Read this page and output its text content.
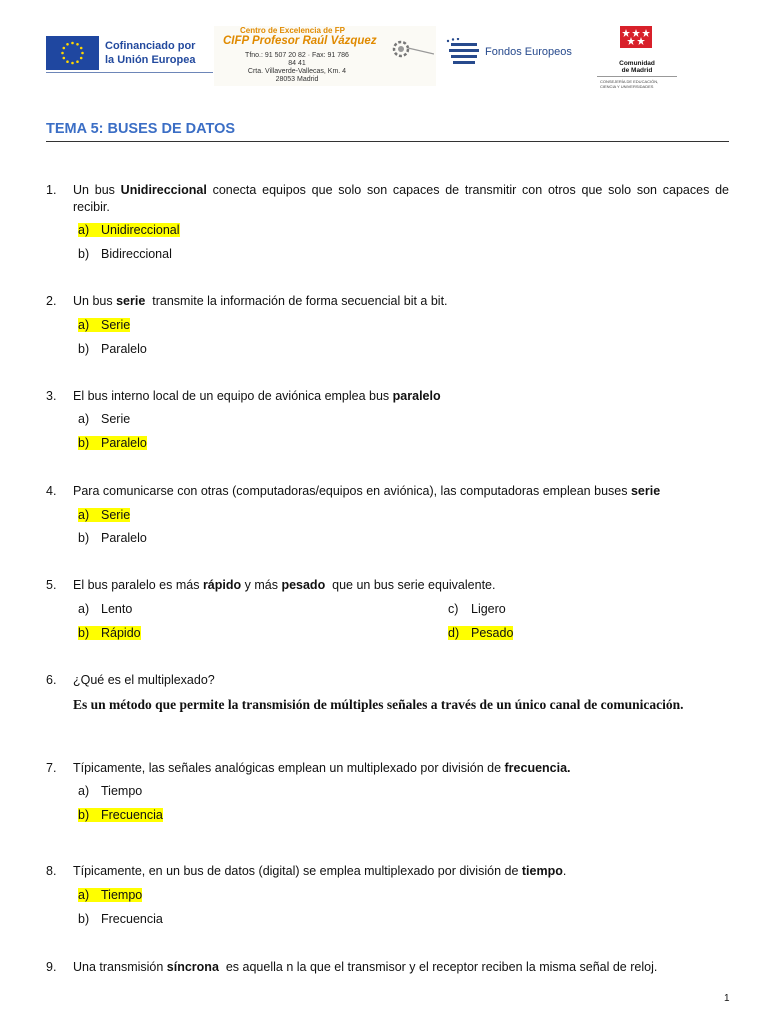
Cofinanciado por
la Unión Europea
Centro de Excelencia de FP
CIFP Profesor Raúl Vázquez
Tfno.: 91 507 20 82 · Fax: 91 786 84 41
Crta. Villaverde-Vallecas, Km. 4
28053 Madrid
Fondos Europeos
Comunidad
de Madrid
CONSEJERÍA DE EDUCACIÓN,
CIENCIA Y UNIVERSIDADES
TEMA 5: BUSES DE DATOS
1. Un bus Unidireccional conecta equipos que solo son capaces de transmitir con otros que solo son capaces de recibir.
a) Unidireccional
b) Bidireccional
2. Un bus serie  transmite la información de forma secuencial bit a bit.
a) Serie
b) Paralelo
3. El bus interno local de un equipo de aviónica emplea bus paralelo
a) Serie
b) Paralelo
4. Para comunicarse con otras (computadoras/equipos en aviónica), las computadoras emplean buses serie
a) Serie
b) Paralelo
5. El bus paralelo es más rápido y más pesado  que un bus serie equivalente.
a) Lento
b) Rápido
c) Ligero
d) Pesado
6. ¿Qué es el multiplexado?
Es un método que permite la transmisión de múltiples señales a través de un único canal de comunicación.
7. Típicamente, las señales analógicas emplean un multiplexado por división de frecuencia.
a) Tiempo
b) Frecuencia
8. Típicamente, en un bus de datos (digital) se emplea multiplexado por división de tiempo.
a) Tiempo
b) Frecuencia
9. Una transmisión síncrona  es aquella n la que el transmisor y el receptor reciben la misma señal de reloj.
1
